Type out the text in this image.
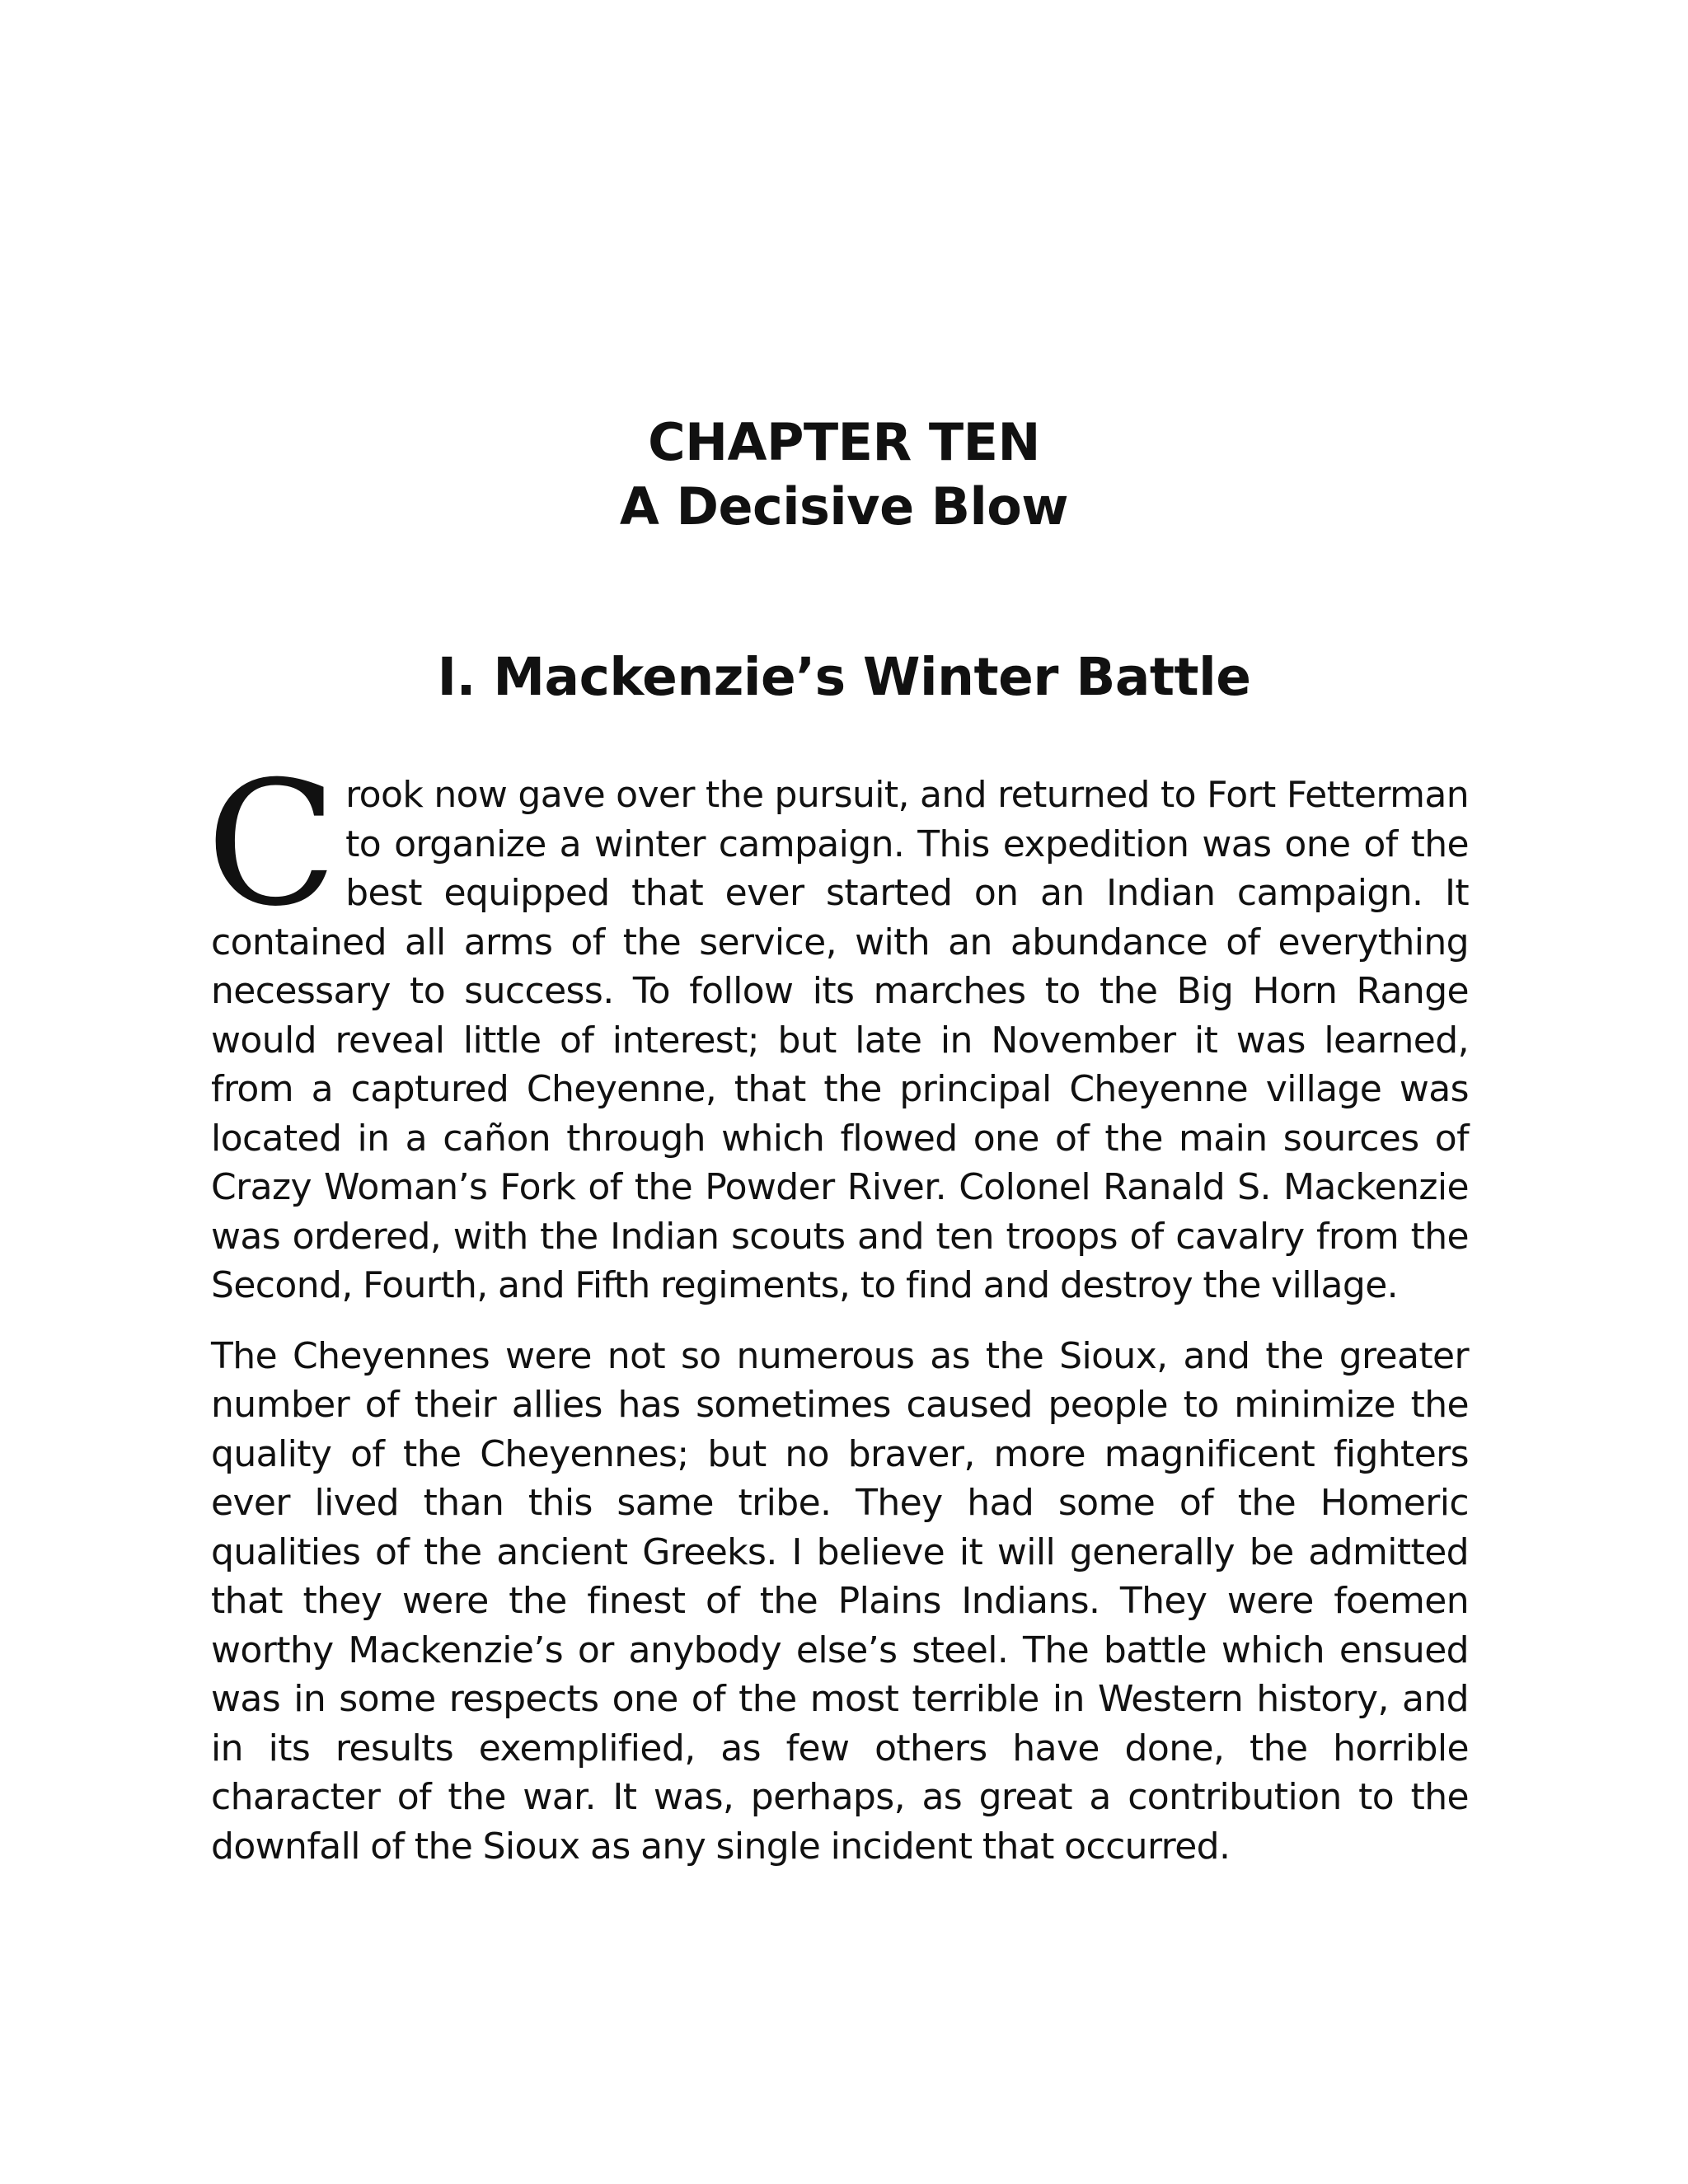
CHAPTER TEN
A Decisive Blow
I. Mackenzie’s Winter Battle

Crook now gave over the pursuit, and returned to Fort Fetterman to organize a winter campaign. This expedition was one of the best equipped that ever started on an Indian campaign. It contained all arms of the service, with an abundance of everything necessary to success. To follow its marches to the Big Horn Range would reveal little of interest; but late in November it was learned, from a captured Cheyenne, that the principal Cheyenne village was located in a cañon through which flowed one of the main sources of Crazy Woman’s Fork of the Powder River. Colonel Ranald S. Mackenzie was ordered, with the Indian scouts and ten troops of cavalry from the Second, Fourth, and Fifth regiments, to find and destroy the village.

The Cheyennes were not so numerous as the Sioux, and the greater number of their allies has sometimes caused people to minimize the quality of the Cheyennes; but no braver, more magnificent fighters ever lived than this same tribe. They had some of the Homeric qualities of the ancient Greeks. I believe it will generally be admitted that they were the finest of the Plains Indians. They were foemen worthy Mackenzie’s or anybody else’s steel. The battle which ensued was in some respects one of the most terrible in Western history, and in its results exemplified, as few others have done, the horrible character of the war. It was, perhaps, as great a contribution to the downfall of the Sioux as any single incident that occurred.
